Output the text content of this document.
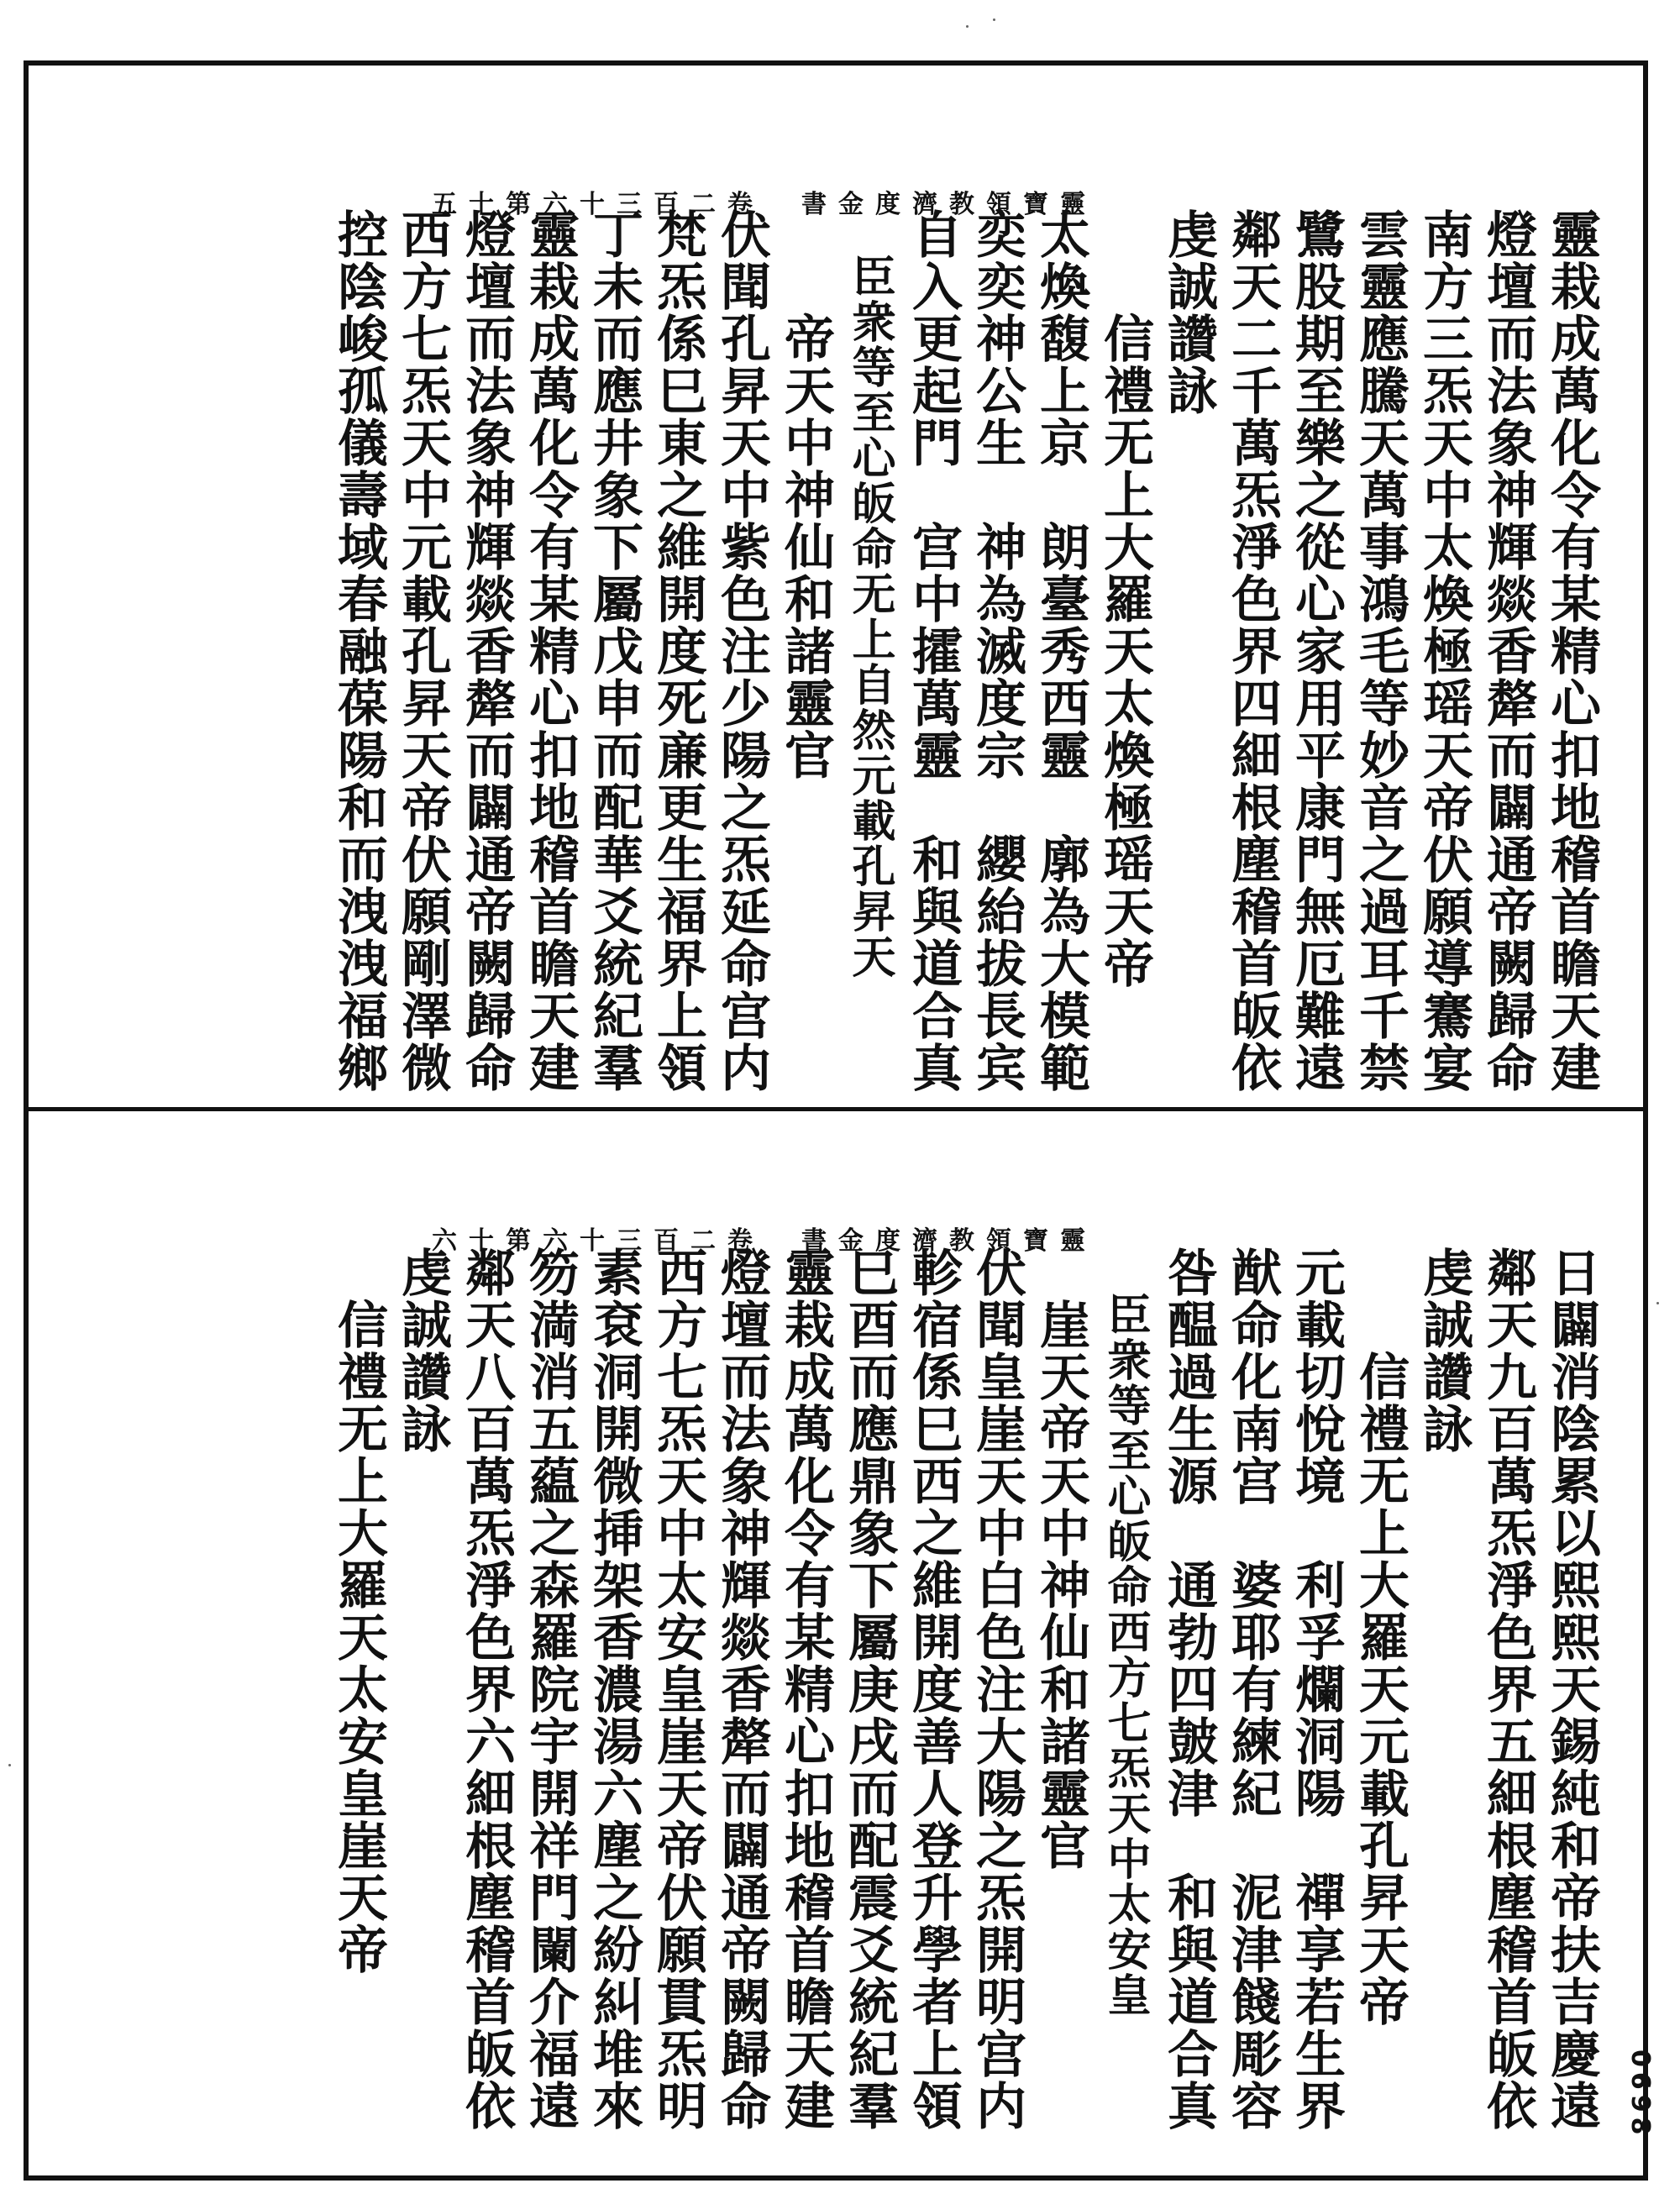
五十第六十三百二卷　書金度濟教領寶靈
靈栽成萬化令有某精心扣地稽首瞻天建
燈壇而法象神輝燚香犛而闢通帝闕歸命
南方三炁天中太煥極瑶天帝伏願導騫宴
雲靈應騰天萬事鴻毛等妙音之過耳千禁
鷺股期至樂之從心家用平康門無厄難遠
鄰天二千萬炁淨色界四細根塵稽首皈依
虔誠讚詠
　　信禮无上大羅天太煥極瑶天帝
太煥馥上京　朗臺秀西靈　廓為大模範
奕奕神公生　神為滅度宗　纓紿拔長宾
自入更起門　宫中攉萬靈　和與道合真
　臣衆等至心皈命无上自然元載孔昇天
　　帝天中神仙和諸靈官
伏聞孔昇天中紫色注少陽之炁延命宫内
梵炁係巳東之維開度死亷更生福界上領
丁未而應井象下屬戊申而配華爻統紀羣
靈栽成萬化令有某精心扣地稽首瞻天建
燈壇而法象神輝燚香犛而闢通帝闕歸命
西方七炁天中元載孔昇天帝伏願剛澤微
控陰峻孤儀壽域春融葆陽和而洩洩福鄉
六十第六十三百二卷　書金度濟教領寶靈
日闢消陰累以熙熙天錫純和帝扶吉慶遠
鄰天九百萬炁淨色界五細根塵稽首皈依
虔誠讚詠
　　信禮无上大羅天元載孔昇天帝
元載切悅境　利孚爛洞陽　禪享若生界
猷命化南宫　婆耶有練紀　泥津餞彫容
咎醖過生源　通勃四皷津　和與道合真
　臣衆等至心皈命西方七炁天中太安皇
　崖天帝天中神仙和諸靈官
伏聞皇崖天中白色注大陽之炁開明宫内
軫宿係巳西之維開度善人登升學者上領
巳酉而應鼎象下屬庚戌而配震爻統紀羣
靈栽成萬化令有某精心扣地稽首瞻天建
燈壇而法象神輝燚香犛而闢通帝闕歸命
西方七炁天中太安皇崖天帝伏願貫炁明
素袞洞開微挿架香濃湯六塵之紛糾堆來
笏満消五藴之森羅院宇開祥門闌介福遠
鄰天八百萬炁淨色界六細根塵稽首皈依
虔誠讚詠
　信禮无上大羅天太安皇崖天帝
0698
